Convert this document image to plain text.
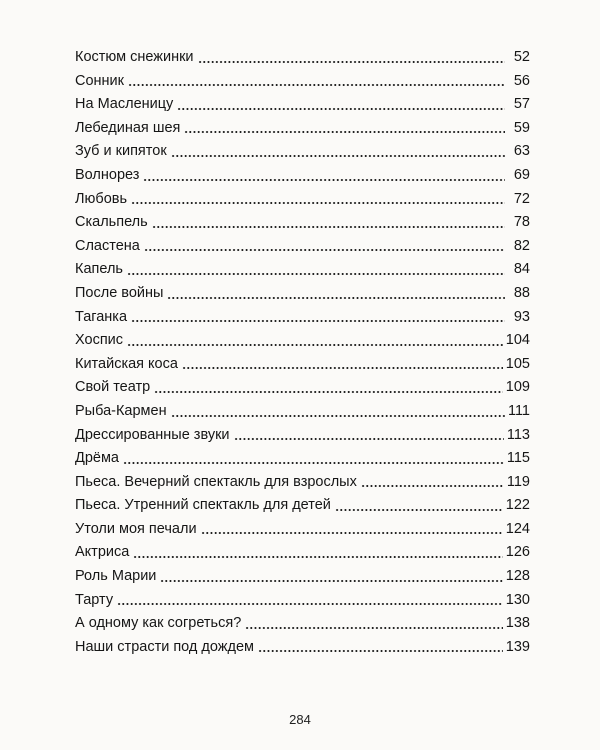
Костюм снежинки	52
Сонник	56
На Масленицу	57
Лебединая шея	59
Зуб и кипяток	63
Волнорез	69
Любовь	72
Скальпель	78
Сластена	82
Капель	84
После войны	88
Таганка	93
Хоспис	104
Китайская коса	105
Свой театр	109
Рыба-Кармен	111
Дрессированные звуки	113
Дрёма	115
Пьеса. Вечерний спектакль для взрослых	119
Пьеса. Утренний спектакль для детей	122
Утоли моя печали	124
Актриса	126
Роль Марии	128
Тарту	130
А одному как согреться?	138
Наши страсти под дождем	139
284
